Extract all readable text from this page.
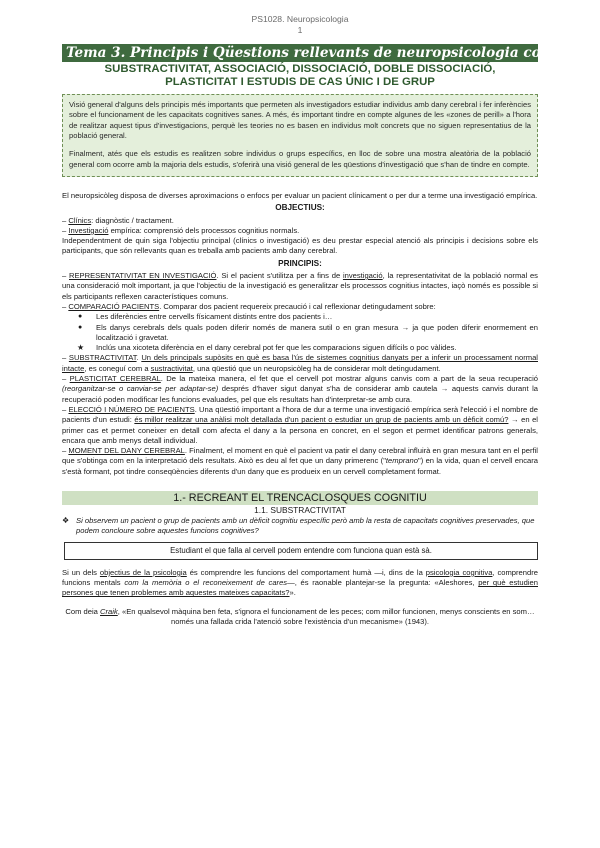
PS1028. Neuropsicologia
1
Tema 3. Principis i Qüestions rellevants de neuropsicologia cognitiva
SUBSTRACTIVITAT, ASSOCIACIÓ, DISSOCIACIÓ, DOBLE DISSOCIACIÓ,
PLASTICITAT I ESTUDIS DE CAS ÚNIC I DE GRUP

Visió general d'alguns dels principis més importants que permeten als investigadors estudiar individus amb dany cerebral i fer inferències sobre el funcionament de les capacitats cognitives sanes. A més, és important tindre en compte algunes de les «zones de perill» a l'hora de realitzar aquest tipus d'investigacions, perquè les teories no es basen en individus molt concrets que no siguen representatius de la població general.

Finalment, atés que els estudis es realitzen sobre individus o grups específics, en lloc de sobre una mostra aleatòria de la població general com ocorre amb la majoria dels estudis, s'oferirà una visió general de les qüestions d'investigació que s'han de tindre en compte.

El neuropsicòleg disposa de diverses aproximacions o enfocs per evaluar un pacient clínicament o per dur a terme una investigació empírica.

OBJECTIUS:

– Clínics: diagnòstic / tractament.

– Investigació empírica: comprensió dels processos cognitius normals.

Independentment de quin siga l'objectiu principal (clínics o investigació) es deu prestar especial atenció als principis i decisions sobre els participants, que són rellevants quan es treballa amb pacients amb dany cerebral.

PRINCIPIS:

– REPRESENTATIVITAT EN INVESTIGACIÓ. Si el pacient s'utilitza per a fins de investigació, la representativitat de la població normal es una consideració molt important, ja que l'objectiu de la investigació es generalitzar els processos cognitius intactes, iaçò només es possible si els participants reflexen característiques comuns.

– COMPARACIÓ PACIENTS. Comparar dos pacient requereix precaució i cal reflexionar detingudament sobre:

● Les diferències entre cervells físicament distints entre dos pacients i…
● Els danys cerebrals dels quals poden diferir només de manera sutil o en gran mesura → ja que poden diferir enormement en localització i gravetat.
★ Inclús una xicoteta diferència en el dany cerebral pot fer que les comparacions siguen difícils o poc vàlides.

– SUBSTRACTIVITAT. Un dels principals supòsits en què es basa l'ús de sistemes cognitius danyats per a inferir un processament normal intacte, es coneguí com a sustractivitat, una qüestió que un neuropsicòleg ha de considerar molt detingudament.

– PLASTICITAT CEREBRAL. De la mateixa manera, el fet que el cervell pot mostrar alguns canvis com a part de la seua recuperació (reorganitzar-se o canviar-se per adaptar-se) després d'haver sigut danyat s'ha de considerar amb cautela → aquests canvis durant la recuperació poden modificar les funcions evaluades, pel que els resultats han d'interpretar-se amb cura.

– ELECCIÓ I NÚMERO DE PACIENTS. Una qüestió important a l'hora de dur a terme una investigació empírica serà l'elecció i el nombre de pacients d'un estudi: és millor realitzar una anàlisi molt detallada d'un pacient o estudiar un grup de pacients amb un dèficit comú? → en el primer cas et permet coneixer en detall com afecta el dany a la persona en concret, en el segon et permet identificar patrons generals, encara que amb menys detall individual.

– MOMENT DEL DANY CEREBRAL. Finalment, el moment en què el pacient va patir el dany cerebral influirà en gran mesura tant en el perfil que s'obtinga com en la interpretació dels resultats. Això es deu al fet que un dany primerenc ("temprano") en la vida, quan el cervell encara s'està formant, pot tindre conseqüències diferents d'un dany que es produeix en un cervell completament format.

1.- RECREANT EL TRENCACLOSQUES COGNITIU
1.1. SUBSTRACTIVITAT

❖ Si observem un pacient o grup de pacients amb un dèficit cognitiu específic però amb la resta de capacitats cognitives preservades, que podem concloure sobre aquestes funcions cognitives?

Estudiant el que falla al cervell podem entendre com funciona quan està sà.

Si un dels objectius de la psicologia és comprendre les funcions del comportament humà —i, dins de la psicologia cognitiva, comprendre funcions mentals com la memòria o el reconeixement de cares—, és raonable plantejar-se la pregunta: «Aleshores, per què estudien persones que tenen problemes amb aquestes mateixes capacitats?».

Com deia Craik, «En qualsevol màquina ben feta, s'ignora el funcionament de les peces; com millor funcionen, menys conscients en som… només una fallada crida l'atenció sobre l'existència d'un mecanisme» (1943).
